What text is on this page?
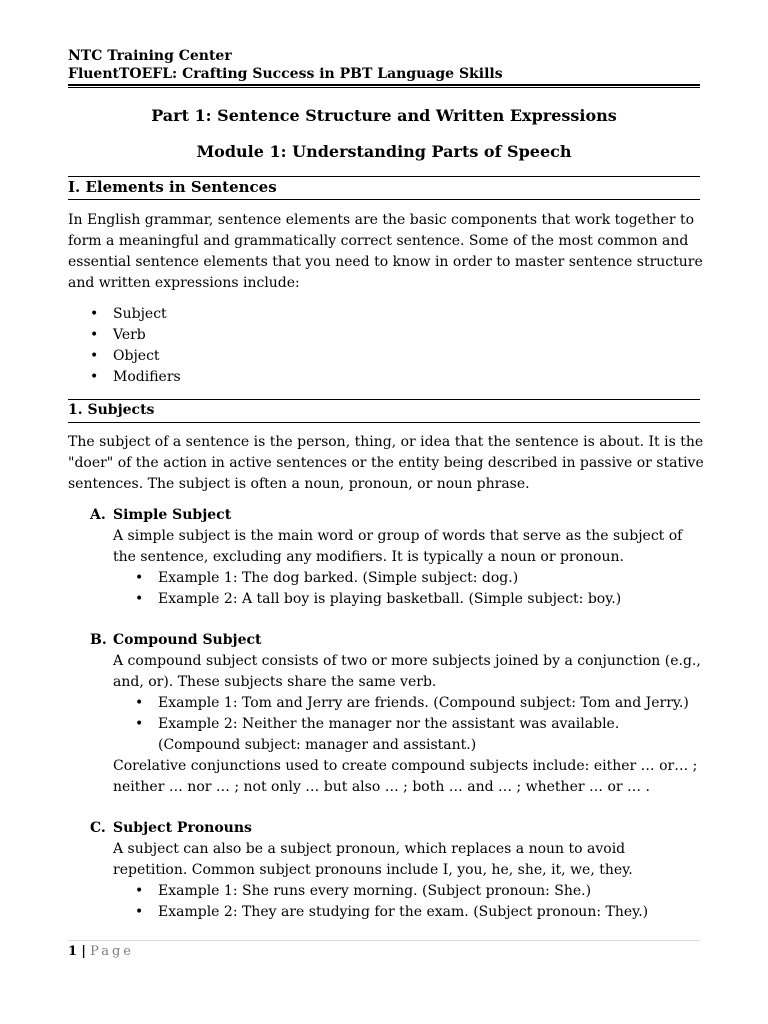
NTC Training Center
FluentTOEFL: Crafting Success in PBT Language Skills
Part 1: Sentence Structure and Written Expressions
Module 1: Understanding Parts of Speech
I. Elements in Sentences
In English grammar, sentence elements are the basic components that work together to form a meaningful and grammatically correct sentence. Some of the most common and essential sentence elements that you need to know in order to master sentence structure and written expressions include:
• Subject
• Verb
• Object
• Modifiers
1. Subjects
The subject of a sentence is the person, thing, or idea that the sentence is about. It is the "doer" of the action in active sentences or the entity being described in passive or stative sentences. The subject is often a noun, pronoun, or noun phrase.
A. Simple Subject
A simple subject is the main word or group of words that serve as the subject of the sentence, excluding any modifiers. It is typically a noun or pronoun.
• Example 1: The dog barked. (Simple subject: dog.)
• Example 2: A tall boy is playing basketball. (Simple subject: boy.)
B. Compound Subject
A compound subject consists of two or more subjects joined by a conjunction (e.g., and, or). These subjects share the same verb.
• Example 1: Tom and Jerry are friends. (Compound subject: Tom and Jerry.)
• Example 2: Neither the manager nor the assistant was available. (Compound subject: manager and assistant.)
Corelative conjunctions used to create compound subjects include: either … or… ; neither … nor … ; not only … but also … ; both … and … ; whether … or … .
C. Subject Pronouns
A subject can also be a subject pronoun, which replaces a noun to avoid repetition. Common subject pronouns include I, you, he, she, it, we, they.
• Example 1: She runs every morning. (Subject pronoun: She.)
• Example 2: They are studying for the exam. (Subject pronoun: They.)
1 | Page
